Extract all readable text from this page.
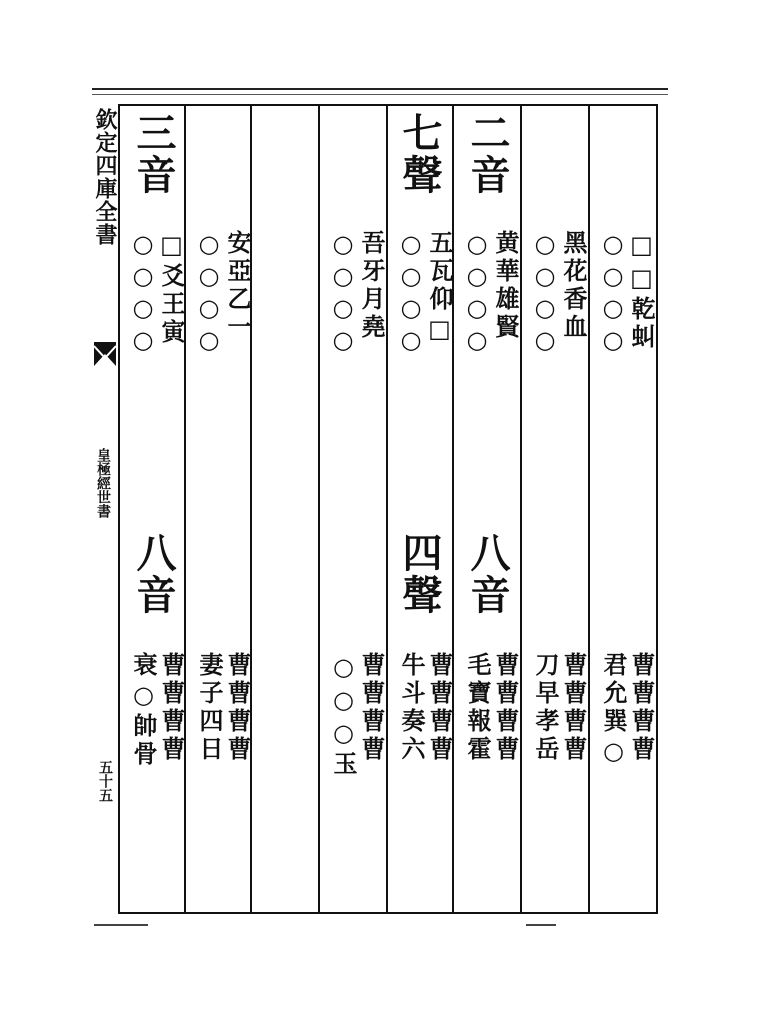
欽定四庫全書
皇極經世書
五十五
□□乾虯
○○○○
黑花香血
○○○○
二音
黄華雄賢
○○○○
七聲
五瓦仰□
○○○○
吾牙月堯
○○○○
安亞乙一
○○○○
三音
□爻王寅
○○○○
曹曹曹曹
君允巽○
曹曹曹曹
刀早孝岳
八音
曹曹曹曹
毛寶報霍
四聲
曹曹曹曹
牛斗奏六
曹曹曹曹
○○○玉
曹曹曹曹
妻子四日
八音
曹曹曹曹
衰○帥骨
